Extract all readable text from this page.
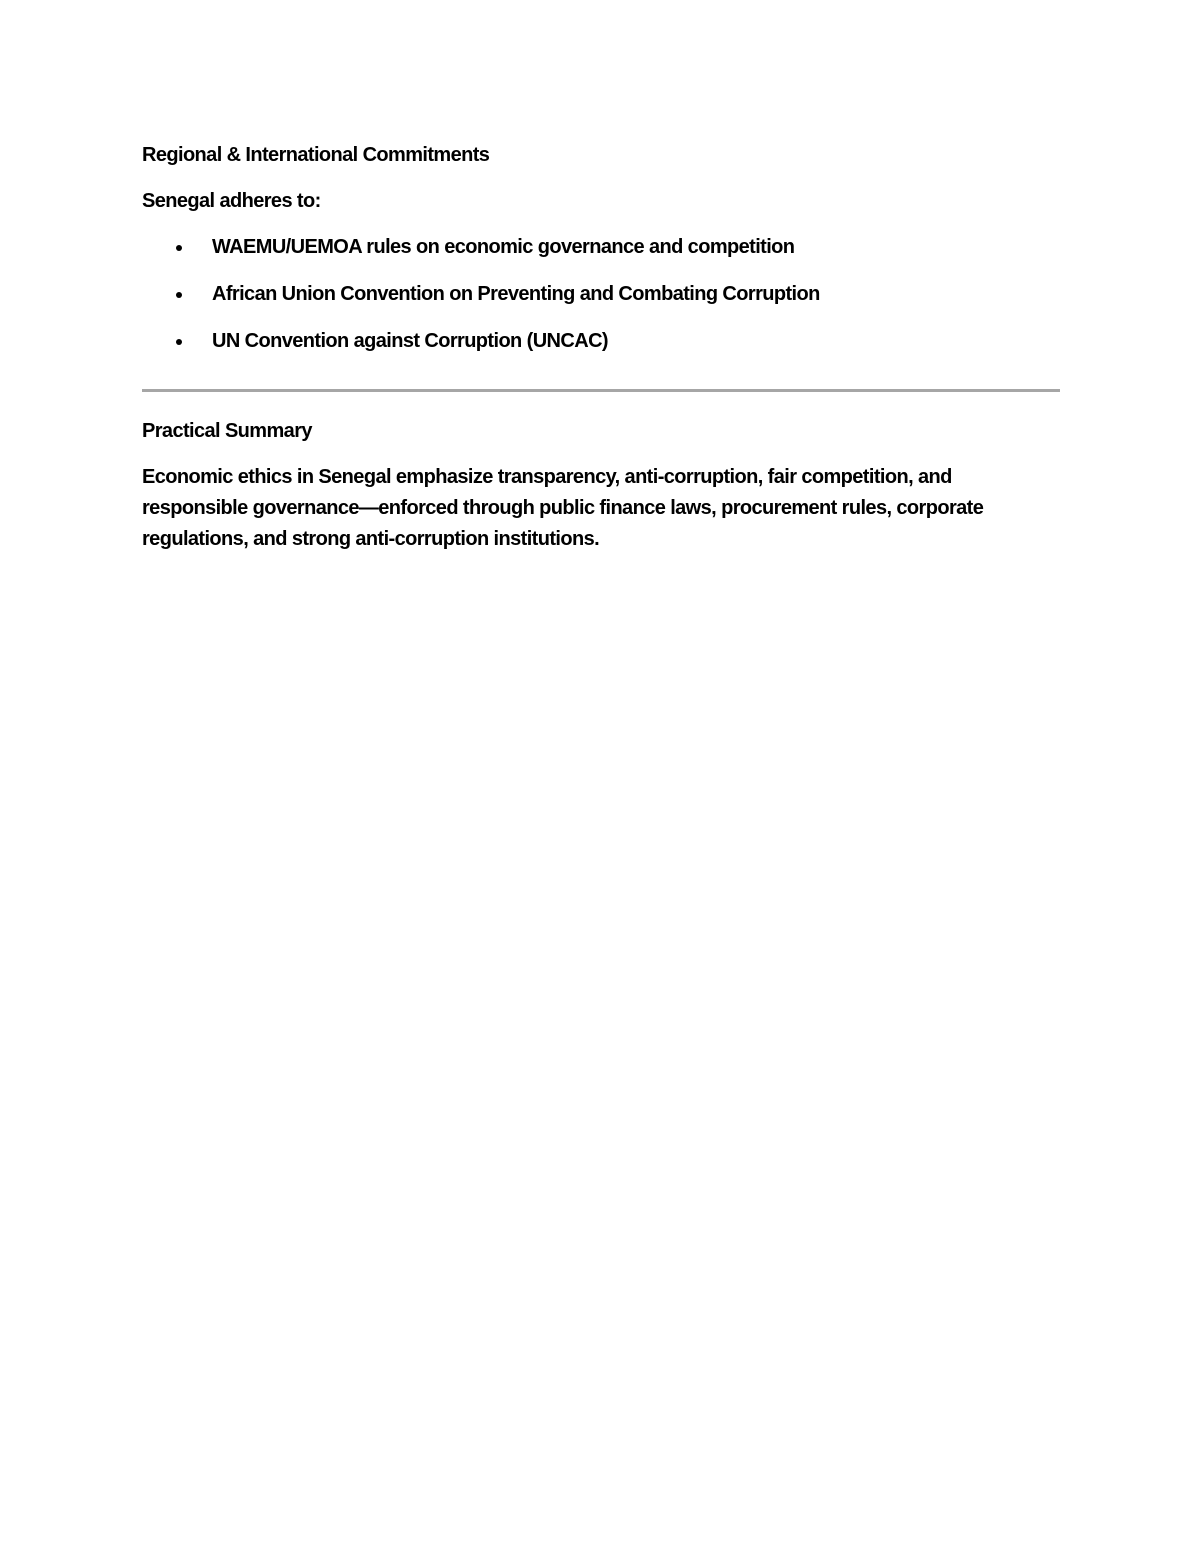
Regional & International Commitments

Senegal adheres to:

WAEMU/UEMOA rules on economic governance and competition
African Union Convention on Preventing and Combating Corruption
UN Convention against Corruption (UNCAC)

Practical Summary

Economic ethics in Senegal emphasize transparency, anti-corruption, fair competition, and responsible governance—enforced through public finance laws, procurement rules, corporate regulations, and strong anti-corruption institutions.
